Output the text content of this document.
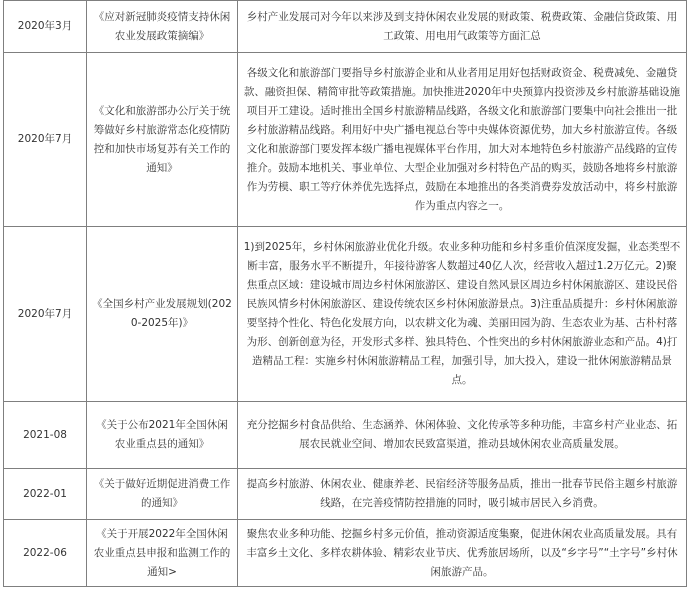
2020年3月	《应对新冠肺炎疫情支持休闲农业发展政策摘编》	乡村产业发展司对今年以来涉及到支持休闲农业发展的财政策、税费政策、金融信贷政策、用工政策、用电用气政策等方面汇总
2020年7月	《文化和旅游部办公厅关于统筹做好乡村旅游常态化疫情防控和加快市场复苏有关工作的通知》	各级文化和旅游部门要指导乡村旅游企业和从业者用足用好包括财政资金、税费减免、金融贷款、融资担保、精简审批等政策措施。加快推进2020年中央预算内投资涉及乡村旅游基础设施项目开工建设。适时推出全国乡村旅游精品线路，各级文化和旅游部门要集中向社会推出一批乡村旅游精品线路。利用好中央广播电视总台等中央媒体资源优势，加大乡村旅游宣传。各级文化和旅游部门要发挥本级广播电视媒体平台作用，加大对本地特色乡村旅游产品线路的宣传推介。鼓励本地机关、事业单位、大型企业加强对乡村特色产品的购买，鼓励各地将乡村旅游作为劳模、职工等疗休养优先选择点，鼓励在本地推出的各类消费券发放活动中，将乡村旅游作为重点内容之一。
2020年7月	《全国乡村产业发展规划(2020-2025年)》	1)到2025年，乡村休闲旅游业优化升级。农业多种功能和乡村多重价值深度发掘，业态类型不断丰富，服务水平不断提升，年接待游客人数超过40亿人次，经营收入超过1.2万亿元。2)聚焦重点区域：建设城市周边乡村休闲旅游区、建设自然风景区周边乡村休闲旅游区、建设民俗民族风情乡村休闲旅游区、建设传统农区乡村休闲旅游景点。3)注重品质提升：乡村休闲旅游要坚持个性化、特色化发展方向，以农耕文化为魂、美丽田园为韵、生态农业为基、古朴村落为形、创新创意为径，开发形式多样、独具特色、个性突出的乡村休闲旅游业态和产品。4)打造精品工程：实施乡村休闲旅游精品工程，加强引导，加大投入，建设一批休闲旅游精品景点。
2021-08	《关于公布2021年全国休闲农业重点县的通知》	充分挖掘乡村食品供给、生态涵养、休闲体验、文化传承等多种功能，丰富乡村产业业态、拓展农民就业空间、增加农民致富渠道，推动县域休闲农业高质量发展。
2022-01	《关于做好近期促进消费工作的通知》	提高乡村旅游、休闲农业、健康养老、民宿经济等服务品质，推出一批春节民俗主题乡村旅游线路，在完善疫情防控措施的同时，吸引城市居民入乡消费。
2022-06	《关于开展2022年全国休闲农业重点县申报和监测工作的通知>	聚焦农业多种功能、挖掘乡村多元价值，推动资源适度集聚，促进休闲农业高质量发展。具有丰富乡土文化、多样农耕体验、精彩农业节庆、优秀旅居场所，以及“乡字号”“土字号”乡村休闲旅游产品。
